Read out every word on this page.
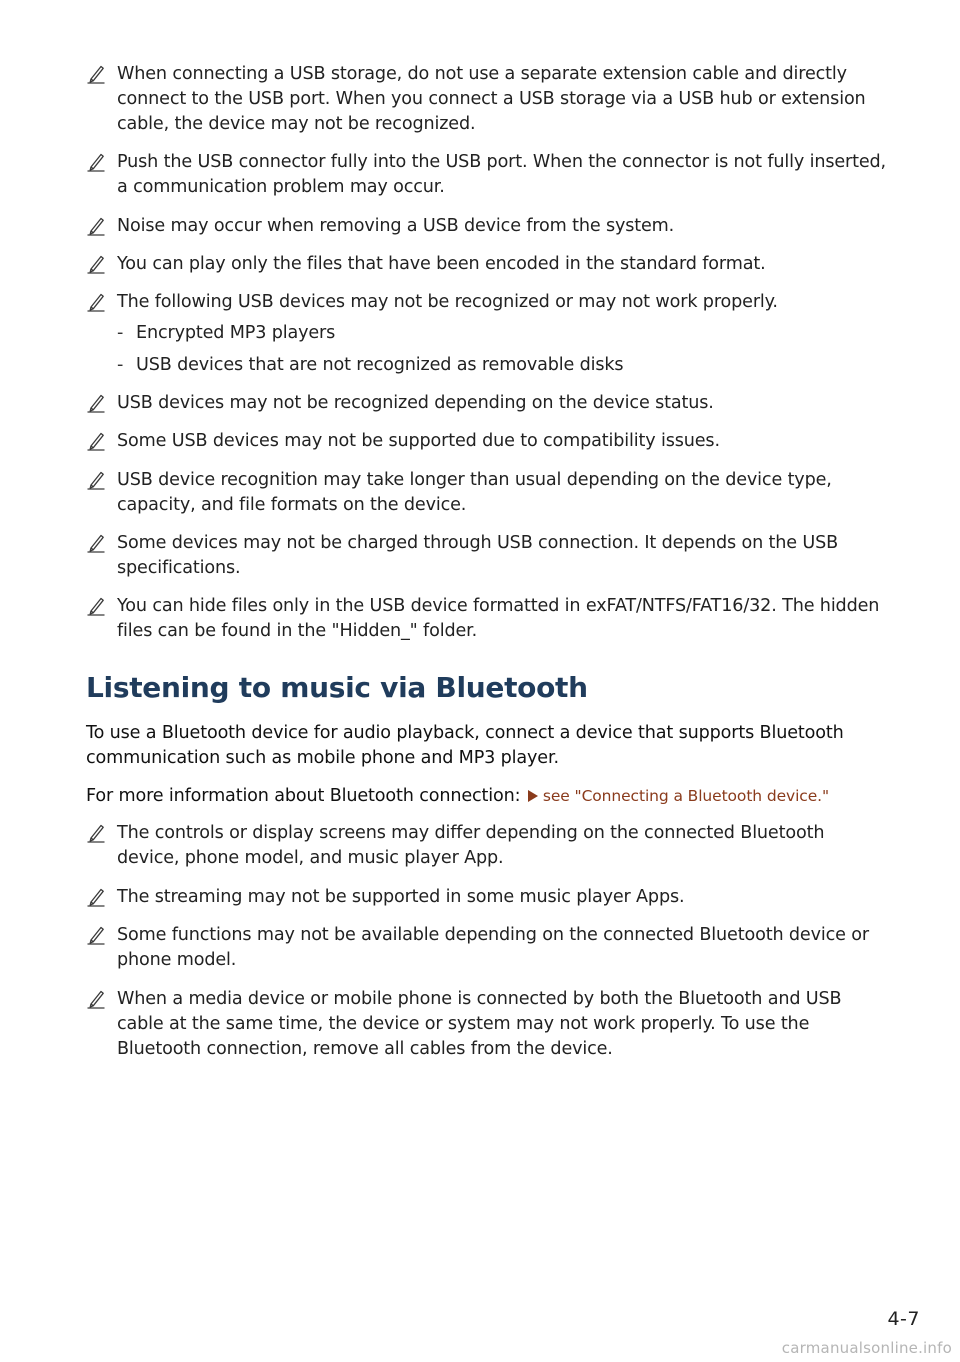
When connecting a USB storage, do not use a separate extension cable and directly connect to the USB port. When you connect a USB storage via a USB hub or extension cable, the device may not be recognized.
Push the USB connector fully into the USB port. When the connector is not fully inserted, a communication problem may occur.
Noise may occur when removing a USB device from the system.
You can play only the files that have been encoded in the standard format.
The following USB devices may not be recognized or may not work properly.
- Encrypted MP3 players
- USB devices that are not recognized as removable disks
USB devices may not be recognized depending on the device status.
Some USB devices may not be supported due to compatibility issues.
USB device recognition may take longer than usual depending on the device type, capacity, and file formats on the device.
Some devices may not be charged through USB connection. It depends on the USB specifications.
You can hide files only in the USB device formatted in exFAT/NTFS/FAT16/32. The hidden files can be found in the "Hidden_" folder.
Listening to music via Bluetooth

To use a Bluetooth device for audio playback, connect a device that supports Bluetooth communication such as mobile phone and MP3 player.

For more information about Bluetooth connection: see "Connecting a Bluetooth device."

The controls or display screens may differ depending on the connected Bluetooth device, phone model, and music player App.
The streaming may not be supported in some music player Apps.
Some functions may not be available depending on the connected Bluetooth device or phone model.
When a media device or mobile phone is connected by both the Bluetooth and USB cable at the same time, the device or system may not work properly. To use the Bluetooth connection, remove all cables from the device.
4-7
carmanualsonline.info
